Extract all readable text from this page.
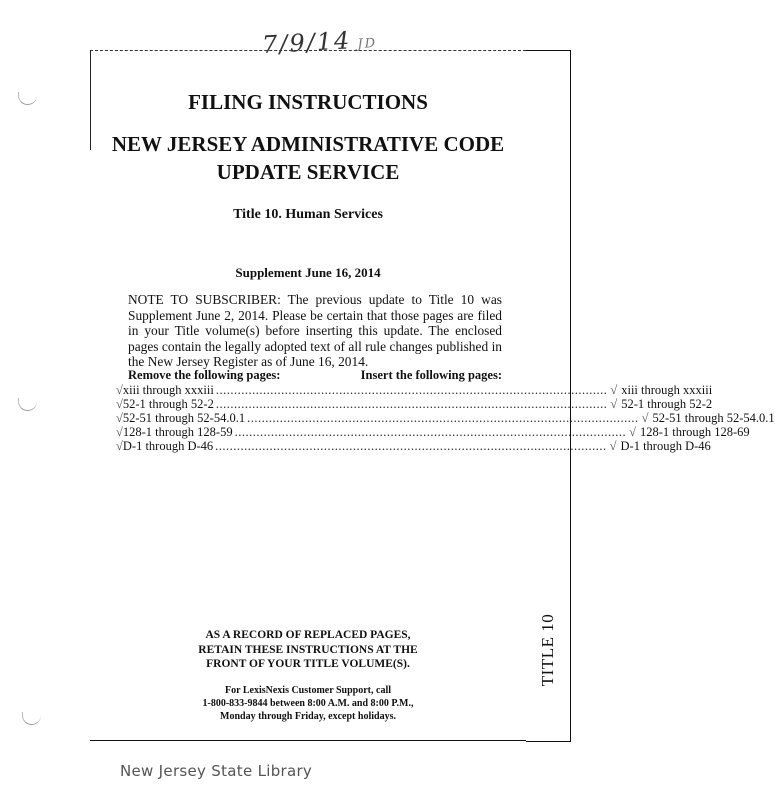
7/9/14 JD
TITLE 10
FILING INSTRUCTIONS
NEW JERSEY ADMINISTRATIVE CODE
UPDATE SERVICE
Title 10. Human Services
Supplement June 16, 2014
NOTE TO SUBSCRIBER: The previous update to Title 10 was Supplement June 2, 2014. Please be certain that those pages are filed in your Title volume(s) before inserting this update. The enclosed pages contain the legally adopted text of all rule changes published in the New Jersey Register as of June 16, 2014.
Remove the following pages:	Insert the following pages:
√ xiii through xxxiii ............................................................................................................ √ xiii through xxxiii
√ 52-1 through 52-2 ............................................................................................................ √ 52-1 through 52-2
√ 52-51 through 52-54.0.1 ............................................................................................................ √ 52-51 through 52-54.0.1
√ 128-1 through 128-59 ............................................................................................................ √ 128-1 through 128-69
√ D-1 through D-46 ............................................................................................................ √ D-1 through D-46
AS A RECORD OF REPLACED PAGES,
RETAIN THESE INSTRUCTIONS AT THE
FRONT OF YOUR TITLE VOLUME(S).
For LexisNexis Customer Support, call
1-800-833-9844 between 8:00 A.M. and 8:00 P.M.,
Monday through Friday, except holidays.
New Jersey State Library
